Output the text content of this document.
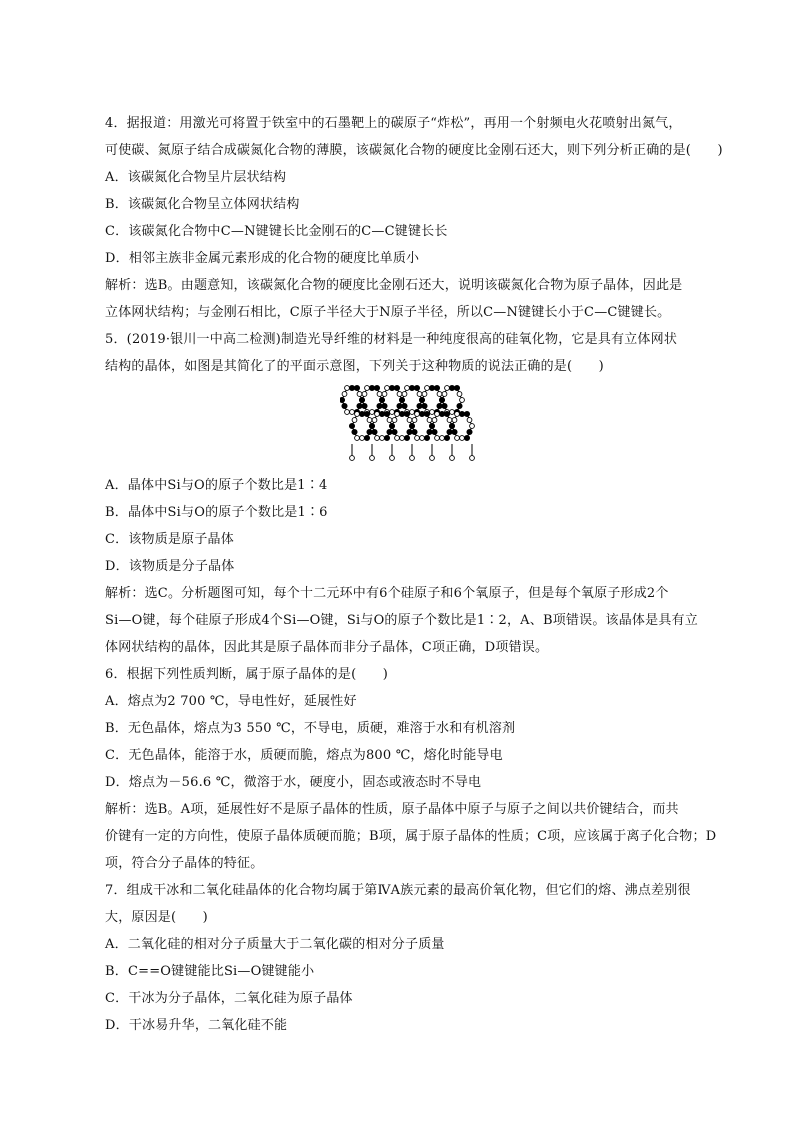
4．据报道：用激光可将置于铁室中的石墨靶上的碳原子“炸松”，再用一个射频电火花喷射出氮气，
可使碳、氮原子结合成碳氮化合物的薄膜，该碳氮化合物的硬度比金刚石还大，则下列分析正确的是(　　)
A．该碳氮化合物呈片层状结构
B．该碳氮化合物呈立体网状结构
C．该碳氮化合物中C—N键键长比金刚石的C—C键键长长
D．相邻主族非金属元素形成的化合物的硬度比单质小
解析：选B。由题意知，该碳氮化合物的硬度比金刚石还大，说明该碳氮化合物为原子晶体，因此是
立体网状结构；与金刚石相比，C原子半径大于N原子半径，所以C—N键键长小于C—C键键长。
5．(2019·银川一中高二检测)制造光导纤维的材料是一种纯度很高的硅氧化物，它是具有立体网状
结构的晶体，如图是其简化了的平面示意图，下列关于这种物质的说法正确的是(　　)
A．晶体中Si与O的原子个数比是1∶4
B．晶体中Si与O的原子个数比是1∶6
C．该物质是原子晶体
D．该物质是分子晶体
解析：选C。分析题图可知，每个十二元环中有6个硅原子和6个氧原子，但是每个氧原子形成2个
Si—O键，每个硅原子形成4个Si—O键，Si与O的原子个数比是1∶2，A、B项错误。该晶体是具有立
体网状结构的晶体，因此其是原子晶体而非分子晶体，C项正确，D项错误。
6．根据下列性质判断，属于原子晶体的是(　　)
A．熔点为2 700 ℃，导电性好，延展性好
B．无色晶体，熔点为3 550 ℃，不导电，质硬，难溶于水和有机溶剂
C．无色晶体，能溶于水，质硬而脆，熔点为800 ℃，熔化时能导电
D．熔点为－56.6 ℃，微溶于水，硬度小，固态或液态时不导电
解析：选B。A项，延展性好不是原子晶体的性质，原子晶体中原子与原子之间以共价键结合，而共
价键有一定的方向性，使原子晶体质硬而脆；B项，属于原子晶体的性质；C项，应该属于离子化合物；D
项，符合分子晶体的特征。
7．组成干冰和二氧化硅晶体的化合物均属于第ⅣA族元素的最高价氧化物，但它们的熔、沸点差别很
大，原因是(　　)
A．二氧化硅的相对分子质量大于二氧化碳的相对分子质量
B．C==O键键能比Si—O键键能小
C．干冰为分子晶体，二氧化硅为原子晶体
D．干冰易升华，二氧化硅不能
